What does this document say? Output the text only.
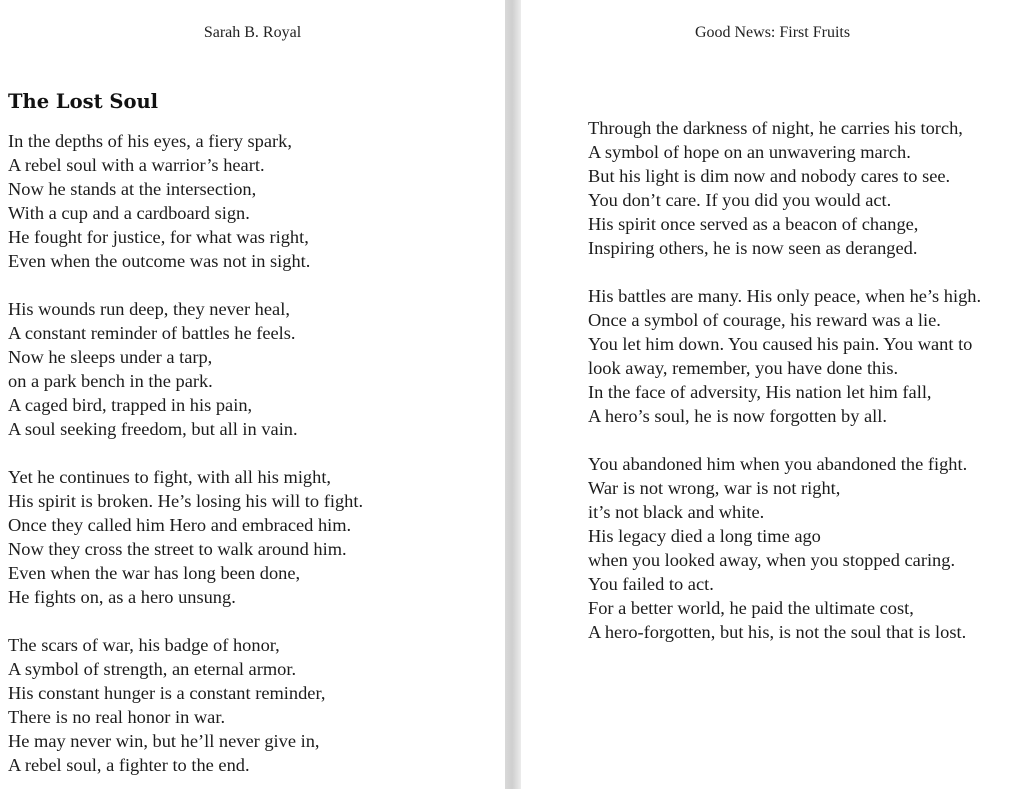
Sarah B. Royal
The Lost Soul
In the depths of his eyes, a fiery spark,
A rebel soul with a warrior’s heart.
Now he stands at the intersection,
With a cup and a cardboard sign.
He fought for justice, for what was right,
Even when the outcome was not in sight.
His wounds run deep, they never heal,
A constant reminder of battles he feels.
Now he sleeps under a tarp,
on a park bench in the park.
A caged bird, trapped in his pain,
A soul seeking freedom, but all in vain.
Yet he continues to fight, with all his might,
His spirit is broken. He’s losing his will to fight.
Once they called him Hero and embraced him.
Now they cross the street to walk around him.
Even when the war has long been done,
He fights on, as a hero unsung.
The scars of war, his badge of honor,
A symbol of strength, an eternal armor.
His constant hunger is a constant reminder,
There is no real honor in war.
He may never win, but he’ll never give in,
A rebel soul, a fighter to the end.
Good News: First Fruits
Through the darkness of night, he carries his torch,
A symbol of hope on an unwavering march.
But his light is dim now and nobody cares to see.
You don’t care. If you did you would act.
His spirit once served as a beacon of change,
Inspiring others, he is now seen as deranged.
His battles are many. His only peace, when he’s high.
Once a symbol of courage, his reward was a lie.
You let him down. You caused his pain. You want to
look away, remember, you have done this.
In the face of adversity, His nation let him fall,
A hero’s soul, he is now forgotten by all.
You abandoned him when you abandoned the fight.
War is not wrong, war is not right,
it’s not black and white.
His legacy died a long time ago
when you looked away, when you stopped caring.
You failed to act.
For a better world, he paid the ultimate cost,
A hero-forgotten, but his, is not the soul that is lost.
